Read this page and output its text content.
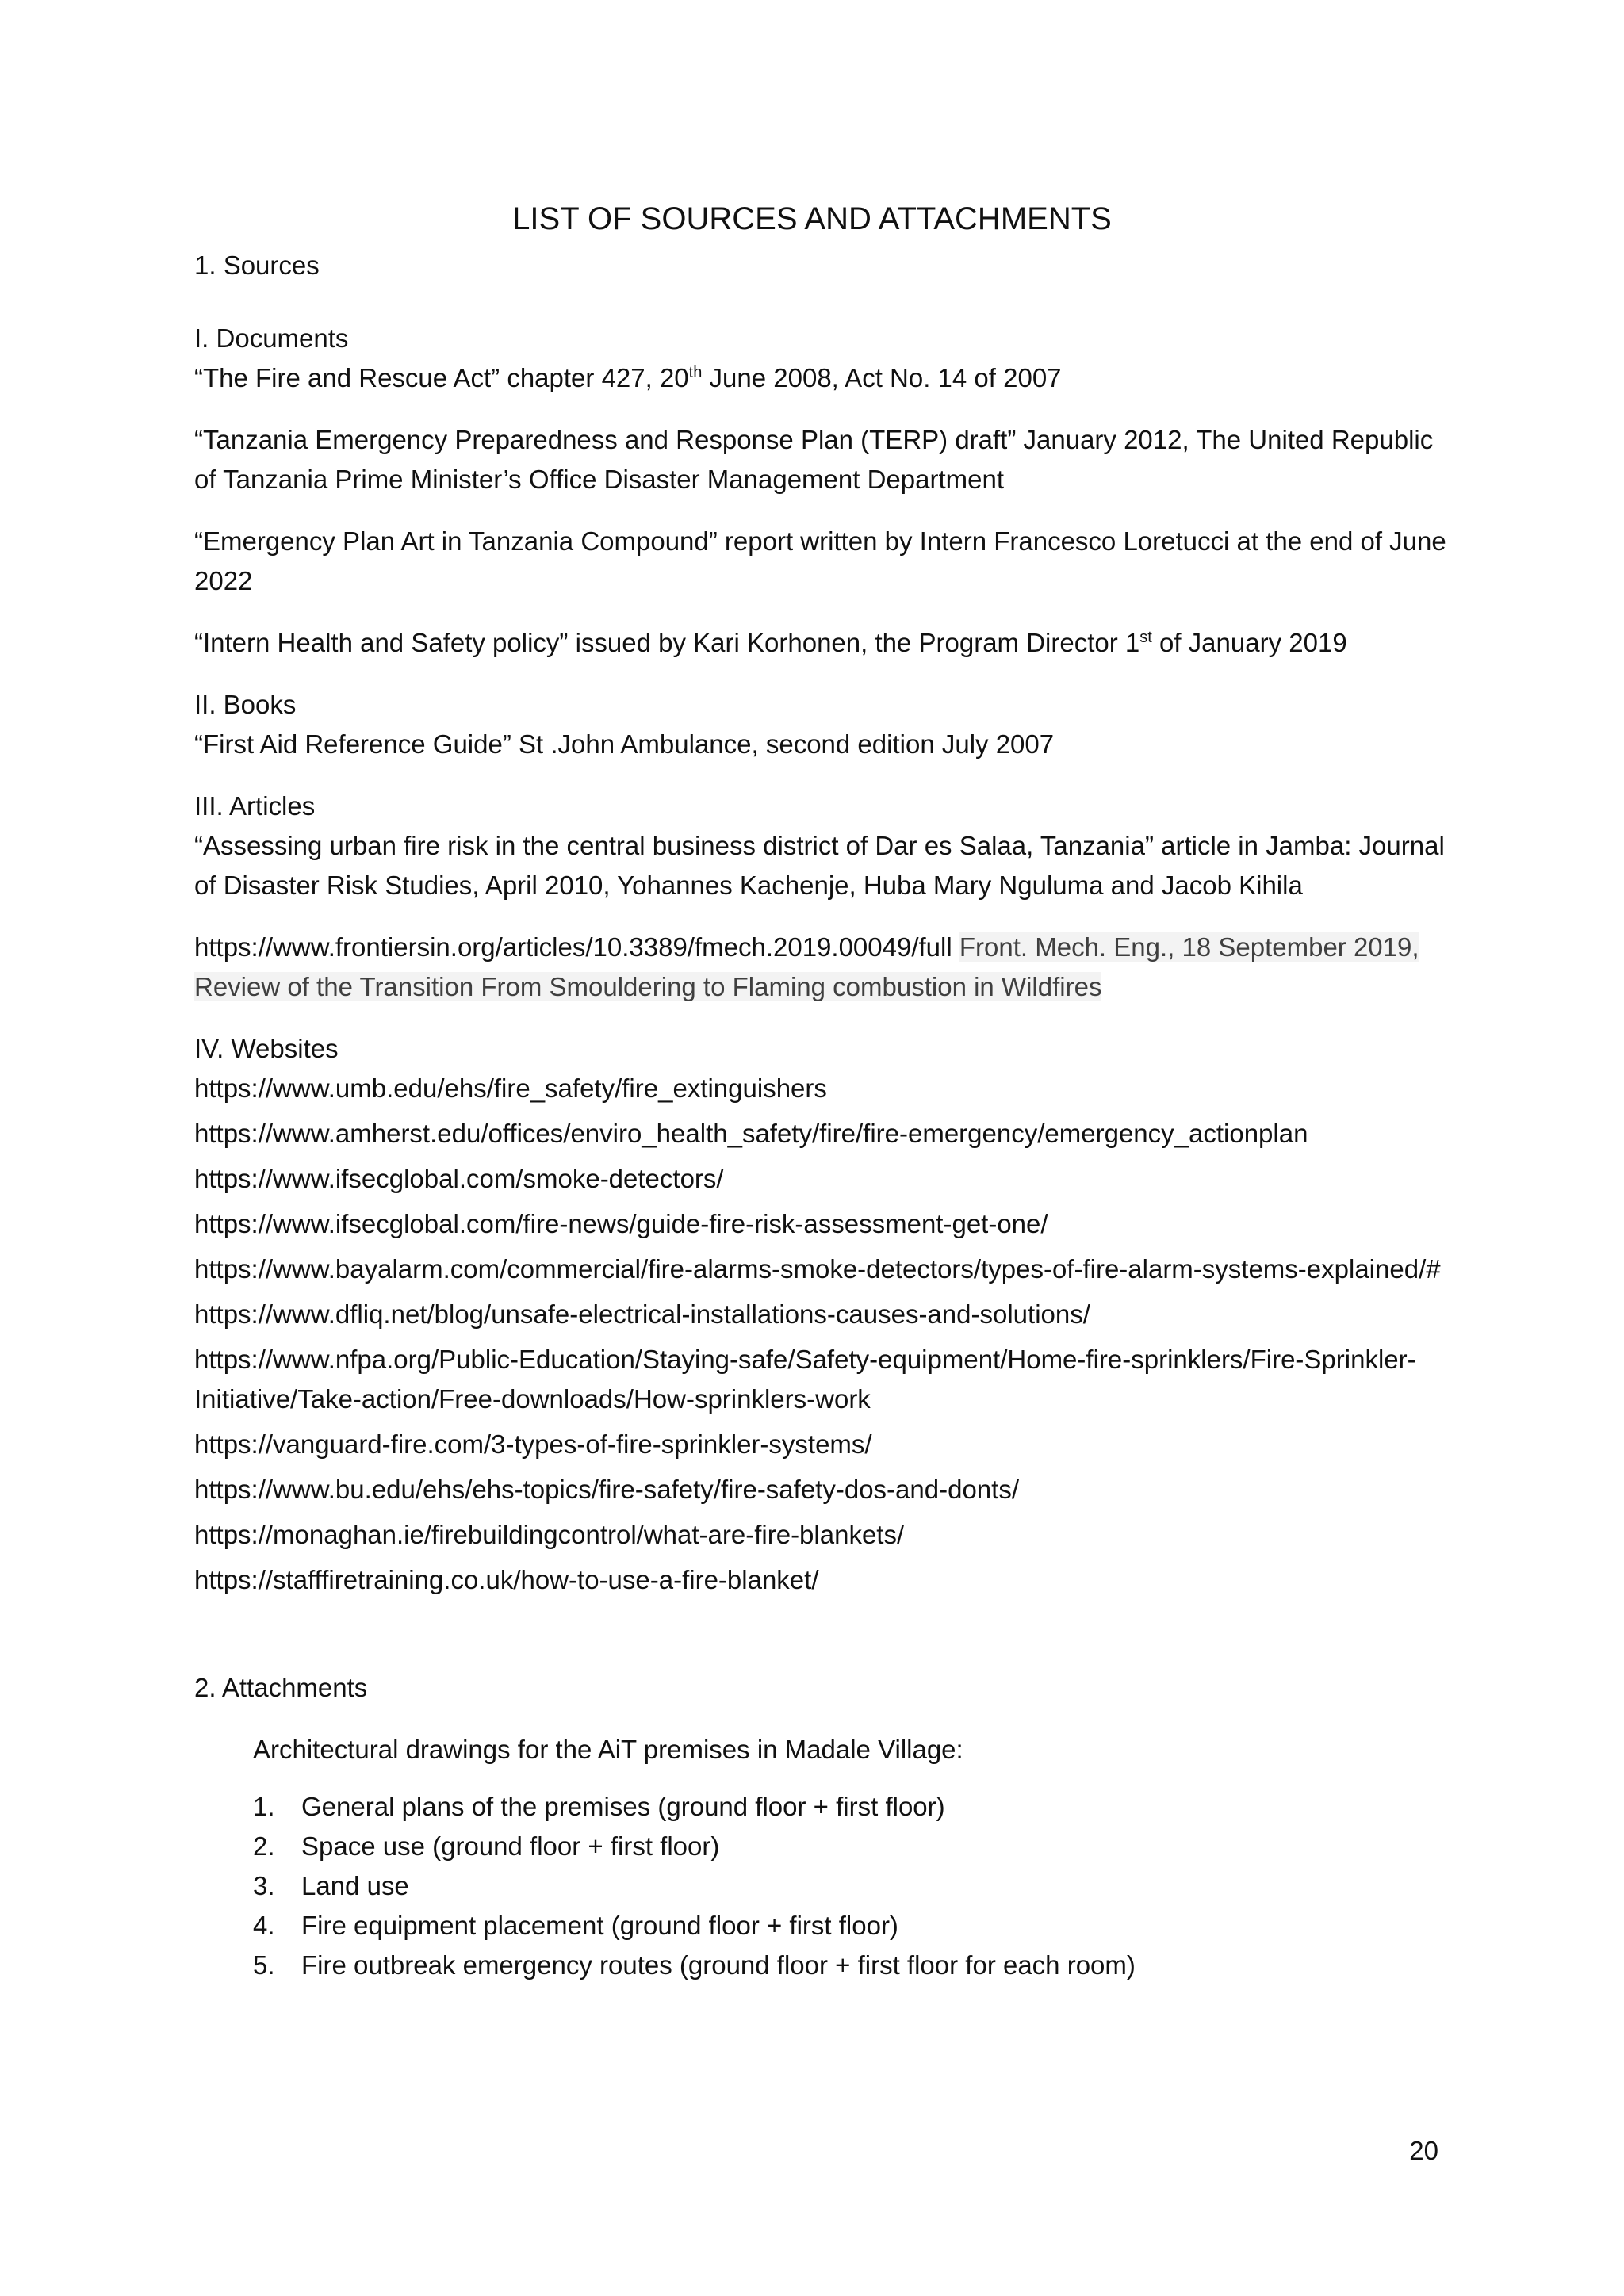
LIST OF SOURCES AND ATTACHMENTS

1. Sources

I. Documents

“The Fire and Rescue Act” chapter 427, 20th June 2008, Act No. 14 of 2007

“Tanzania Emergency Preparedness and Response Plan (TERP) draft” January 2012, The United Republic of Tanzania Prime Minister’s Office Disaster Management Department

“Emergency Plan Art in Tanzania Compound” report written by Intern Francesco Loretucci at the end of June 2022

“Intern Health and Safety policy” issued by Kari Korhonen, the Program Director 1st of January 2019

II. Books

“First Aid Reference Guide” St .John Ambulance, second edition July 2007

III. Articles

“Assessing urban fire risk in the central business district of Dar es Salaa, Tanzania” article in Jamba: Journal of Disaster Risk Studies, April 2010, Yohannes Kachenje, Huba Mary Nguluma and Jacob Kihila

https://www.frontiersin.org/articles/10.3389/fmech.2019.00049/full Front. Mech. Eng., 18 September 2019, Review of the Transition From Smouldering to Flaming combustion in Wildfires

IV. Websites

https://www.umb.edu/ehs/fire_safety/fire_extinguishers

https://www.amherst.edu/offices/enviro_health_safety/fire/fire-emergency/emergency_actionplan

https://www.ifsecglobal.com/smoke-detectors/

https://www.ifsecglobal.com/fire-news/guide-fire-risk-assessment-get-one/

https://www.bayalarm.com/commercial/fire-alarms-smoke-detectors/types-of-fire-alarm-systems-explained/#

https://www.dfliq.net/blog/unsafe-electrical-installations-causes-and-solutions/

https://www.nfpa.org/Public-Education/Staying-safe/Safety-equipment/Home-fire-sprinklers/Fire-Sprinkler-Initiative/Take-action/Free-downloads/How-sprinklers-work

https://vanguard-fire.com/3-types-of-fire-sprinkler-systems/

https://www.bu.edu/ehs/ehs-topics/fire-safety/fire-safety-dos-and-donts/

https://monaghan.ie/firebuildingcontrol/what-are-fire-blankets/

https://stafffiretraining.co.uk/how-to-use-a-fire-blanket/

2. Attachments

Architectural drawings for the AiT premises in Madale Village:

1.	General plans of the premises (ground floor + first floor)
2.	Space use (ground floor + first floor)
3.	Land use
4.	Fire equipment placement (ground floor + first floor)
5.	Fire outbreak emergency routes (ground floor + first floor for each room)
20
